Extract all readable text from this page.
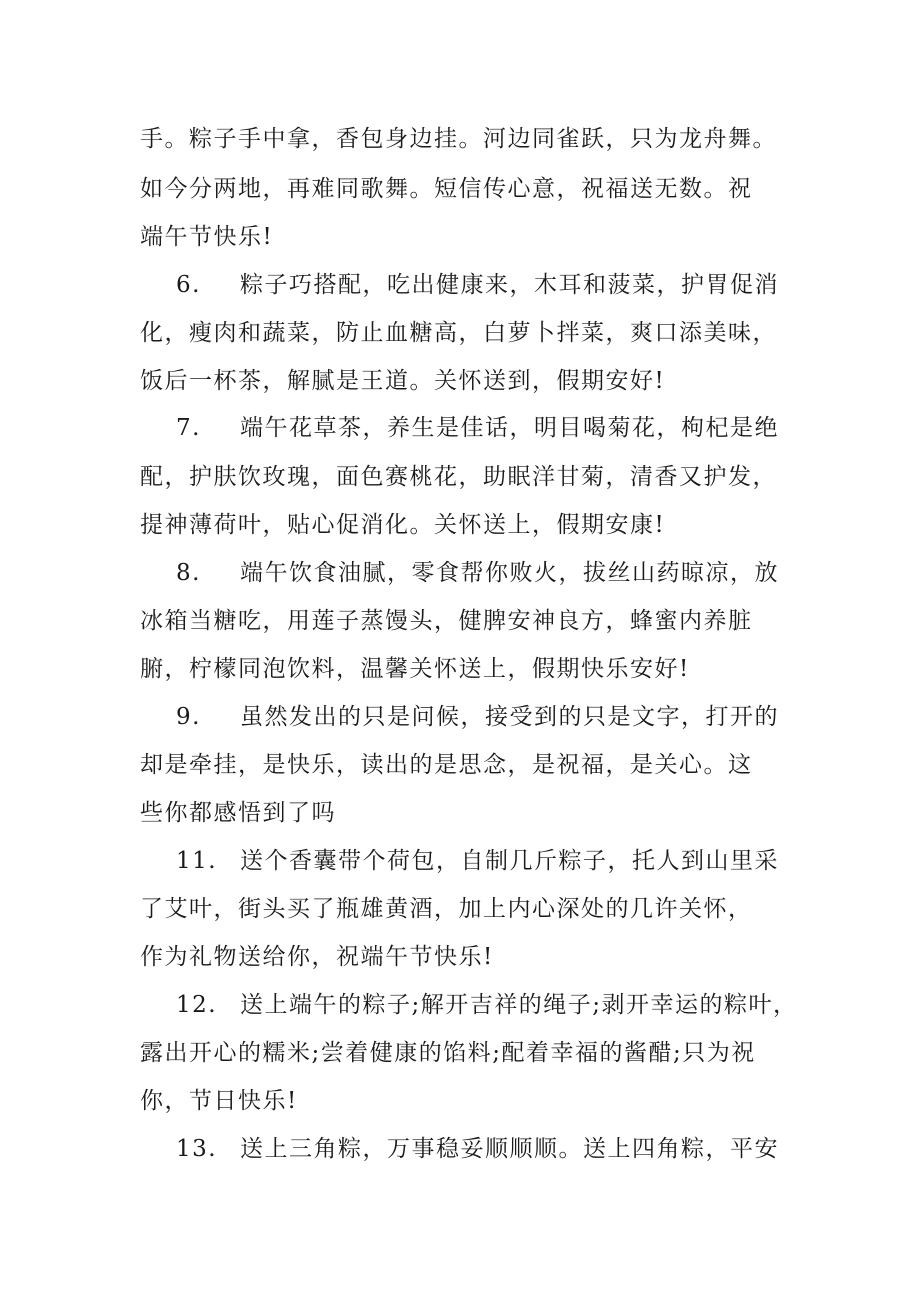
手。粽子手中拿，香包身边挂。河边同雀跃，只为龙舟舞。
如今分两地，再难同歌舞。短信传心意，祝福送无数。祝
端午节快乐!
6. 粽子巧搭配，吃出健康来，木耳和菠菜，护胃促消
化，瘦肉和蔬菜，防止血糖高，白萝卜拌菜，爽口添美味，
饭后一杯茶，解腻是王道。关怀送到，假期安好!
7. 端午花草茶，养生是佳话，明目喝菊花，枸杞是绝
配，护肤饮玫瑰，面色赛桃花，助眠洋甘菊，清香又护发，
提神薄荷叶，贴心促消化。关怀送上，假期安康!
8. 端午饮食油腻，零食帮你败火，拔丝山药晾凉，放
冰箱当糖吃，用莲子蒸馒头，健脾安神良方，蜂蜜内养脏
腑，柠檬同泡饮料，温馨关怀送上，假期快乐安好!
9. 虽然发出的只是问候，接受到的只是文字，打开的
却是牵挂，是快乐，读出的是思念，是祝福，是关心。这
些你都感悟到了吗
11. 送个香囊带个荷包，自制几斤粽子，托人到山里采
了艾叶，街头买了瓶雄黄酒，加上内心深处的几许关怀，
作为礼物送给你，祝端午节快乐!
12. 送上端午的粽子;解开吉祥的绳子;剥开幸运的粽叶，
露出开心的糯米;尝着健康的馅料;配着幸福的酱醋;只为祝
你，节日快乐!
13. 送上三角粽，万事稳妥顺顺顺。送上四角粽，平安
